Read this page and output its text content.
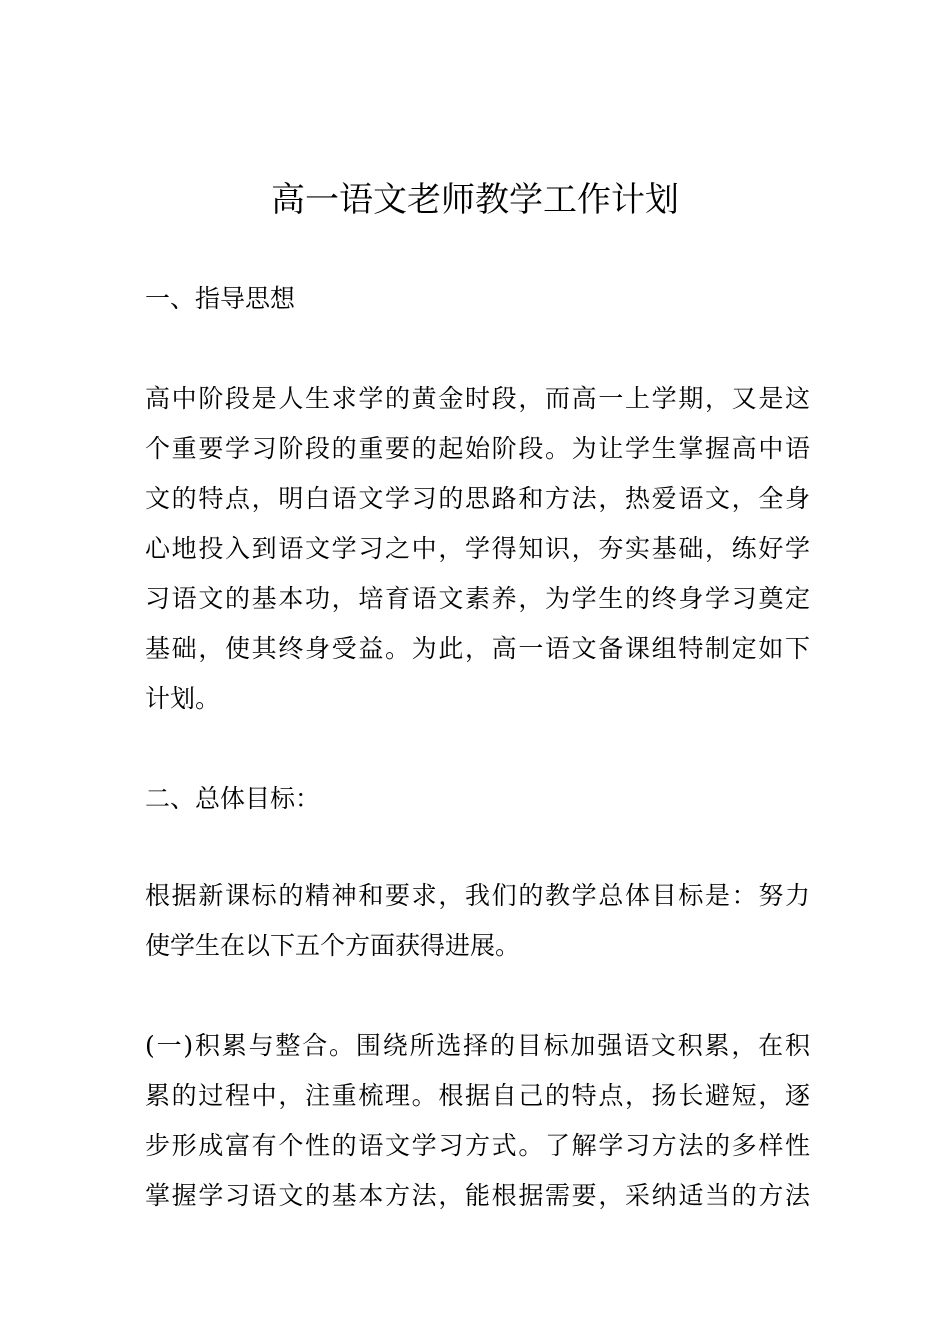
高一语文老师教学工作计划
一、指导思想
高中阶段是人生求学的黄金时段，而高一上学期，又是这
个重要学习阶段的重要的起始阶段。为让学生掌握高中语
文的特点，明白语文学习的思路和方法，热爱语文，全身
心地投入到语文学习之中，学得知识，夯实基础，练好学
习语文的基本功，培育语文素养，为学生的终身学习奠定
基础，使其终身受益。为此，高一语文备课组特制定如下
计划。
二、总体目标：
根据新课标的精神和要求，我们的教学总体目标是：努力
使学生在以下五个方面获得进展。
(一)积累与整合。围绕所选择的目标加强语文积累，在积
累的过程中，注重梳理。根据自己的特点，扬长避短，逐
步形成富有个性的语文学习方式。了解学习方法的多样性
掌握学习语文的基本方法，能根据需要，采纳适当的方法
